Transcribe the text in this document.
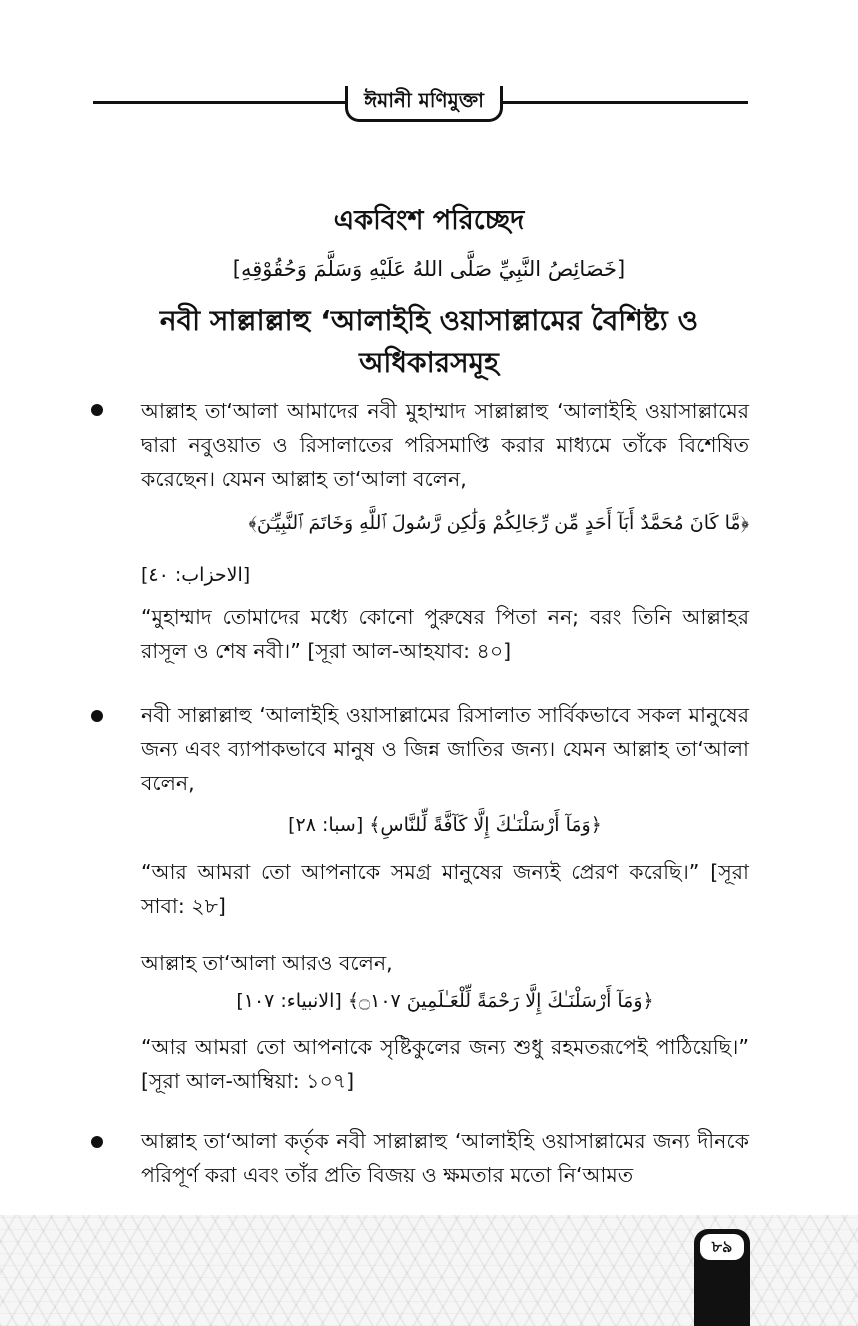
ঈমানী মণিমুক্তা
একবিংশ পরিচ্ছেদ
[خَصَائِصُ النَّبِيِّ صَلَّى اللهُ عَلَيْهِ وَسَلَّمَ وَحُقُوْقِهِ]
নবী সাল্লাল্লাহু ‘আলাইহি ওয়াসাল্লামের বৈশিষ্ট্য ও
অধিকারসমূহ
আল্লাহ তা‘আলা আমাদের নবী মুহাম্মাদ সাল্লাল্লাহু ‘আলাইহি ওয়াসাল্লামের দ্বারা নবুওয়াত ও রিসালাতের পরিসমাপ্তি করার মাধ্যমে তাঁকে বিশেষিত করেছেন। যেমন আল্লাহ তা‘আলা বলেন,
﴿مَّا كَانَ مُحَمَّدٌ أَبَآ أَحَدٍ مِّن رِّجَالِكُمْ وَلَٰكِن رَّسُولَ ٱللَّهِ وَخَاتَمَ ٱلنَّبِيِّـۧنَ﴾
[الاحزاب: ٤٠]
“মুহাম্মাদ তোমাদের মধ্যে কোনো পুরুষের পিতা নন; বরং তিনি আল্লাহর রাসূল ও শেষ নবী।” [সূরা আল-আহযাব: ৪০]
নবী সাল্লাল্লাহু ‘আলাইহি ওয়াসাল্লামের রিসালাত সার্বিকভাবে সকল মানুষের জন্য এবং ব্যাপাকভাবে মানুষ ও জিন্ন জাতির জন্য। যেমন আল্লাহ তা‘আলা বলেন,
﴿وَمَآ أَرْسَلْنَـٰكَ إِلَّا كَآفَّةً لِّلنَّاسِ﴾ [سبا: ٢٨]
“আর আমরা তো আপনাকে সমগ্র মানুষের জন্যই প্রেরণ করেছি।” [সূরা সাবা: ২৮]
আল্লাহ তা‘আলা আরও বলেন,
﴿وَمَآ أَرْسَلْنَـٰكَ إِلَّا رَحْمَةً لِّلْعَـٰلَمِينَ ۝١٠٧﴾ [الانبياء: ١٠٧]
“আর আমরা তো আপনাকে সৃষ্টিকুলের জন্য শুধু রহমতরূপেই পাঠিয়েছি।” [সূরা আল-আম্বিয়া: ১০৭]
আল্লাহ তা‘আলা কর্তৃক নবী সাল্লাল্লাহু ‘আলাইহি ওয়াসাল্লামের জন্য দীনকে পরিপূর্ণ করা এবং তাঁর প্রতি বিজয় ও ক্ষমতার মতো নি‘আমত
৮৯
